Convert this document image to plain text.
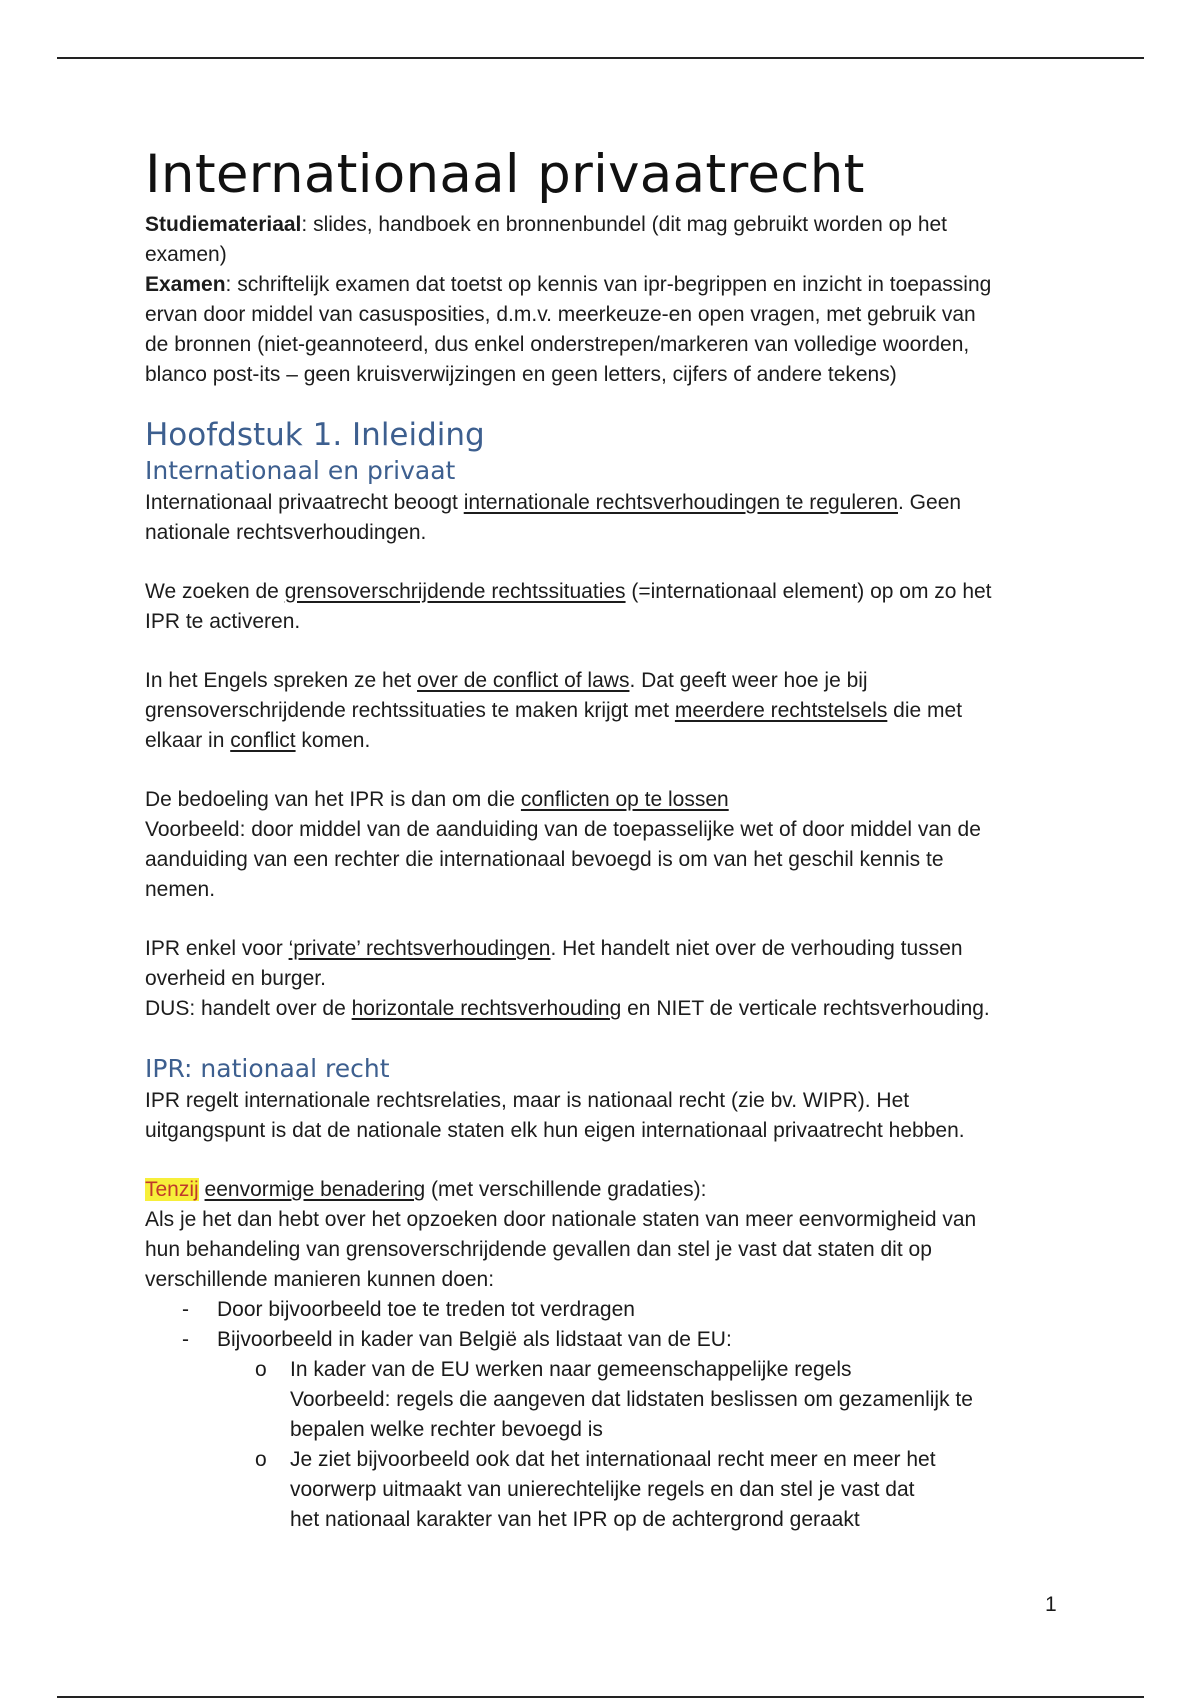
Internationaal privaatrecht

Studiemateriaal: slides, handboek en bronnenbundel (dit mag gebruikt worden op het
examen)

Examen: schriftelijk examen dat toetst op kennis van ipr-begrippen en inzicht in toepassing
ervan door middel van casusposities, d.m.v. meerkeuze-en open vragen, met gebruik van
de bronnen (niet-geannoteerd, dus enkel onderstrepen/markeren van volledige woorden,
blanco post-its – geen kruisverwijzingen en geen letters, cijfers of andere tekens)

Hoofdstuk 1. Inleiding
Internationaal en privaat

Internationaal privaatrecht beoogt internationale rechtsverhoudingen te reguleren. Geen
nationale rechtsverhoudingen.

We zoeken de grensoverschrijdende rechtssituaties (=internationaal element) op om zo het
IPR te activeren.

In het Engels spreken ze het over de conflict of laws. Dat geeft weer hoe je bij
grensoverschrijdende rechtssituaties te maken krijgt met meerdere rechtstelsels die met
elkaar in conflict komen.

De bedoeling van het IPR is dan om die conflicten op te lossen
Voorbeeld: door middel van de aanduiding van de toepasselijke wet of door middel van de
aanduiding van een rechter die internationaal bevoegd is om van het geschil kennis te
nemen.

IPR enkel voor ‘private’ rechtsverhoudingen. Het handelt niet over de verhouding tussen
overheid en burger.
DUS: handelt over de horizontale rechtsverhouding en NIET de verticale rechtsverhouding.

IPR: nationaal recht

IPR regelt internationale rechtsrelaties, maar is nationaal recht (zie bv. WIPR). Het
uitgangspunt is dat de nationale staten elk hun eigen internationaal privaatrecht hebben.

Tenzij eenvormige benadering (met verschillende gradaties):
Als je het dan hebt over het opzoeken door nationale staten van meer eenvormigheid van
hun behandeling van grensoverschrijdende gevallen dan stel je vast dat staten dit op
verschillende manieren kunnen doen:

- Door bijvoorbeeld toe te treden tot verdragen
- Bijvoorbeeld in kader van België als lidstaat van de EU:
o In kader van de EU werken naar gemeenschappelijke regels
Voorbeeld: regels die aangeven dat lidstaten beslissen om gezamenlijk te
bepalen welke rechter bevoegd is
o Je ziet bijvoorbeeld ook dat het internationaal recht meer en meer het
voorwerp uitmaakt van unierechtelijke regels en dan stel je vast dat
het nationaal karakter van het IPR op de achtergrond geraakt
1
